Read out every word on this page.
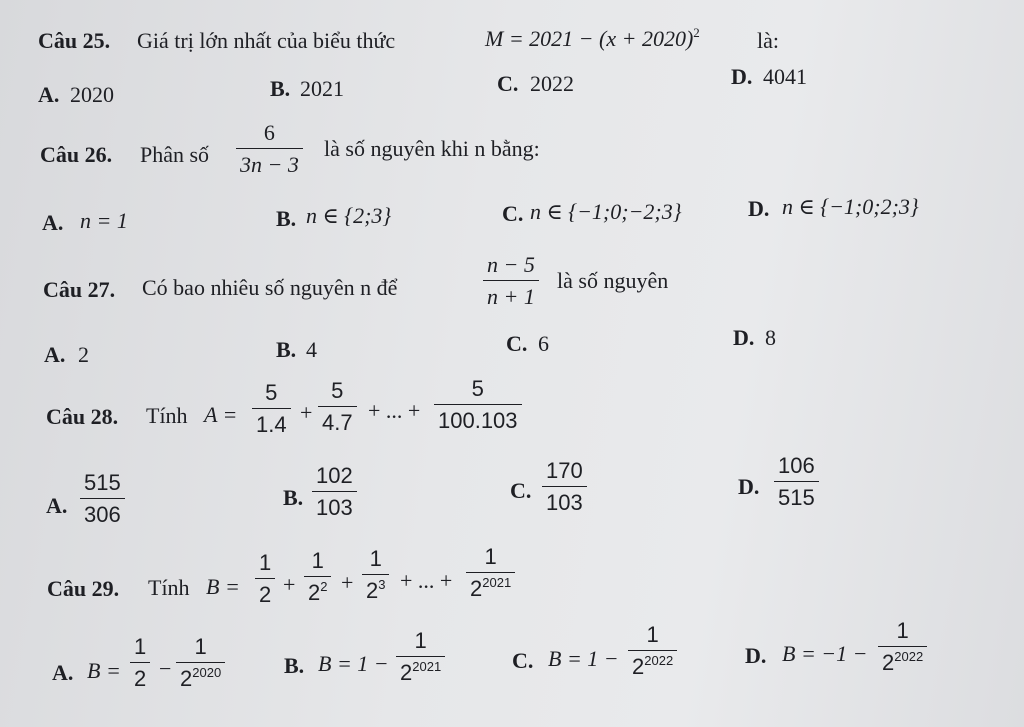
Câu 25. Giá trị lớn nhất của biểu thức	$M = 2021 - (x + 2020)^2$	là:
A. 2020	B. 2021	C. 2022	D. 4041
Câu 26. Phân số $\frac{6}{3n - 3}$ là số nguyên khi n bằng:
A. n = 1	B. n ∈ {2;3}	C. n ∈ {−1;0;−2;3}	D. n ∈ {−1;0;2;3}
Câu 27. Có bao nhiêu số nguyên n để	$\frac{n - 5}{n + 1}$ là số nguyên
A. 2	B. 4	C. 6	D. 8
Câu 28. Tính $A = \frac{5}{1.4} + \frac{5}{4.7}$ + ... + $\frac{5}{100.103}$
A. $\frac{515}{306}$	B. $\frac{102}{103}$	C. $\frac{170}{103}$	D. $\frac{106}{515}$
Câu 29. Tính $B = \frac{1}{2} + \frac{1}{2^2} + \frac{1}{2^3}$ + ... + $\frac{1}{2^{2021}}$
A. $B = \frac{1}{2} - \frac{1}{2^{2020}}$	B. $B = 1 - \frac{1}{2^{2021}}$	C. $B = 1 - \frac{1}{2^{2022}}$	D. $B = -1 - \frac{1}{2^{2022}}$
